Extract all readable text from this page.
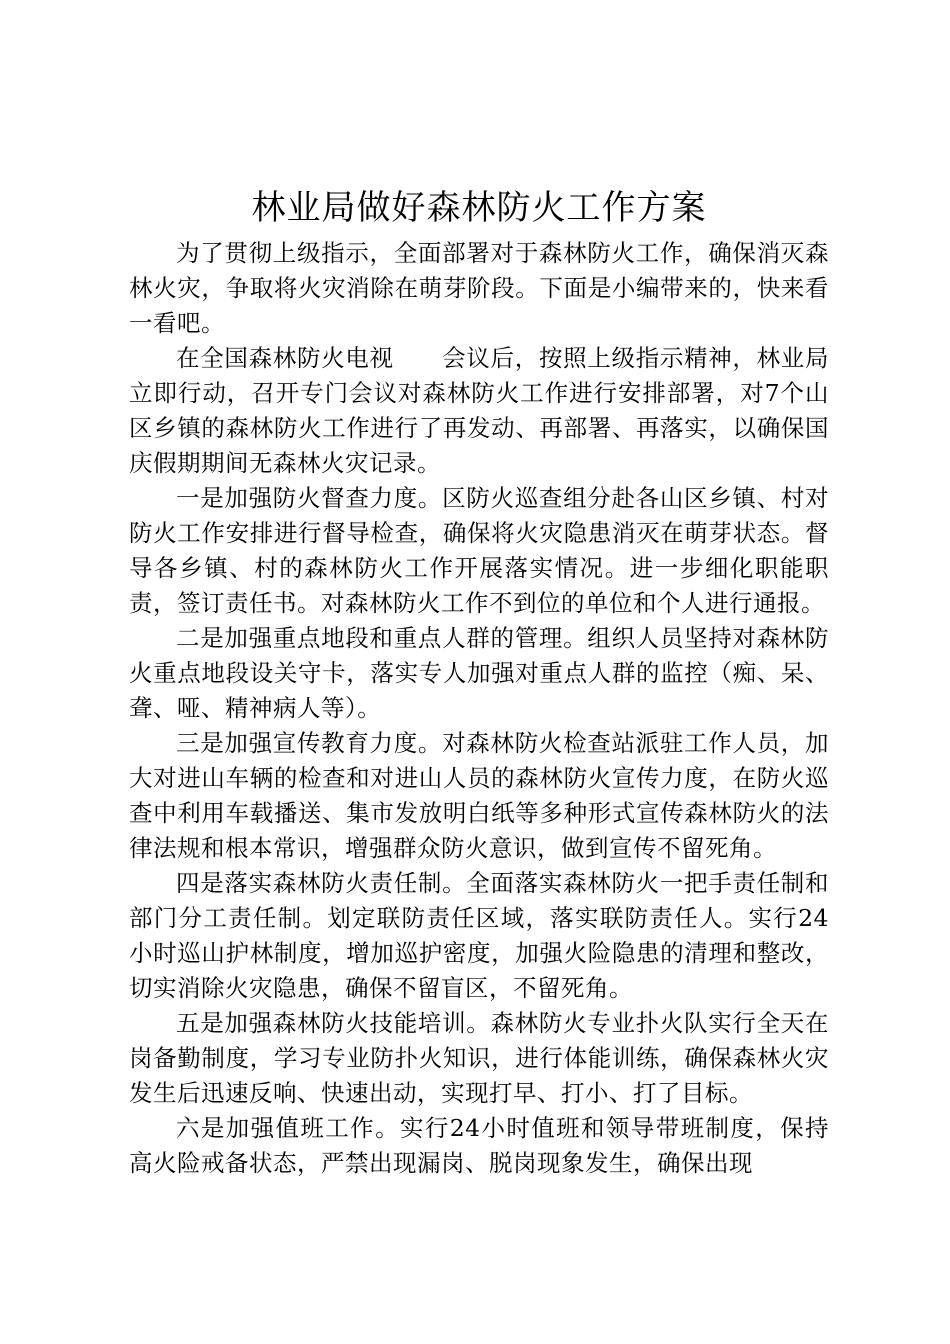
林业局做好森林防火工作方案

为了贯彻上级指示，全面部署对于森林防火工作，确保消灭森林火灾，争取将火灾消除在萌芽阶段。下面是小编带来的，快来看一看吧。

在全国森林防火电视　　会议后，按照上级指示精神，林业局立即行动，召开专门会议对森林防火工作进行安排部署，对7个山区乡镇的森林防火工作进行了再发动、再部署、再落实，以确保国庆假期期间无森林火灾记录。

一是加强防火督查力度。区防火巡查组分赴各山区乡镇、村对防火工作安排进行督导检查，确保将火灾隐患消灭在萌芽状态。督导各乡镇、村的森林防火工作开展落实情况。进一步细化职能职责，签订责任书。对森林防火工作不到位的单位和个人进行通报。

二是加强重点地段和重点人群的管理。组织人员坚持对森林防火重点地段设关守卡，落实专人加强对重点人群的监控（痴、呆、聋、哑、精神病人等）。

三是加强宣传教育力度。对森林防火检查站派驻工作人员，加大对进山车辆的检查和对进山人员的森林防火宣传力度，在防火巡查中利用车载播送、集市发放明白纸等多种形式宣传森林防火的法律法规和根本常识，增强群众防火意识，做到宣传不留死角。

四是落实森林防火责任制。全面落实森林防火一把手责任制和部门分工责任制。划定联防责任区域，落实联防责任人。实行24小时巡山护林制度，增加巡护密度，加强火险隐患的清理和整改，切实消除火灾隐患，确保不留盲区，不留死角。

五是加强森林防火技能培训。森林防火专业扑火队实行全天在岗备勤制度，学习专业防扑火知识，进行体能训练，确保森林火灾发生后迅速反响、快速出动，实现打早、打小、打了目标。

六是加强值班工作。实行24小时值班和领导带班制度，保持高火险戒备状态，严禁出现漏岗、脱岗现象发生，确保出现
